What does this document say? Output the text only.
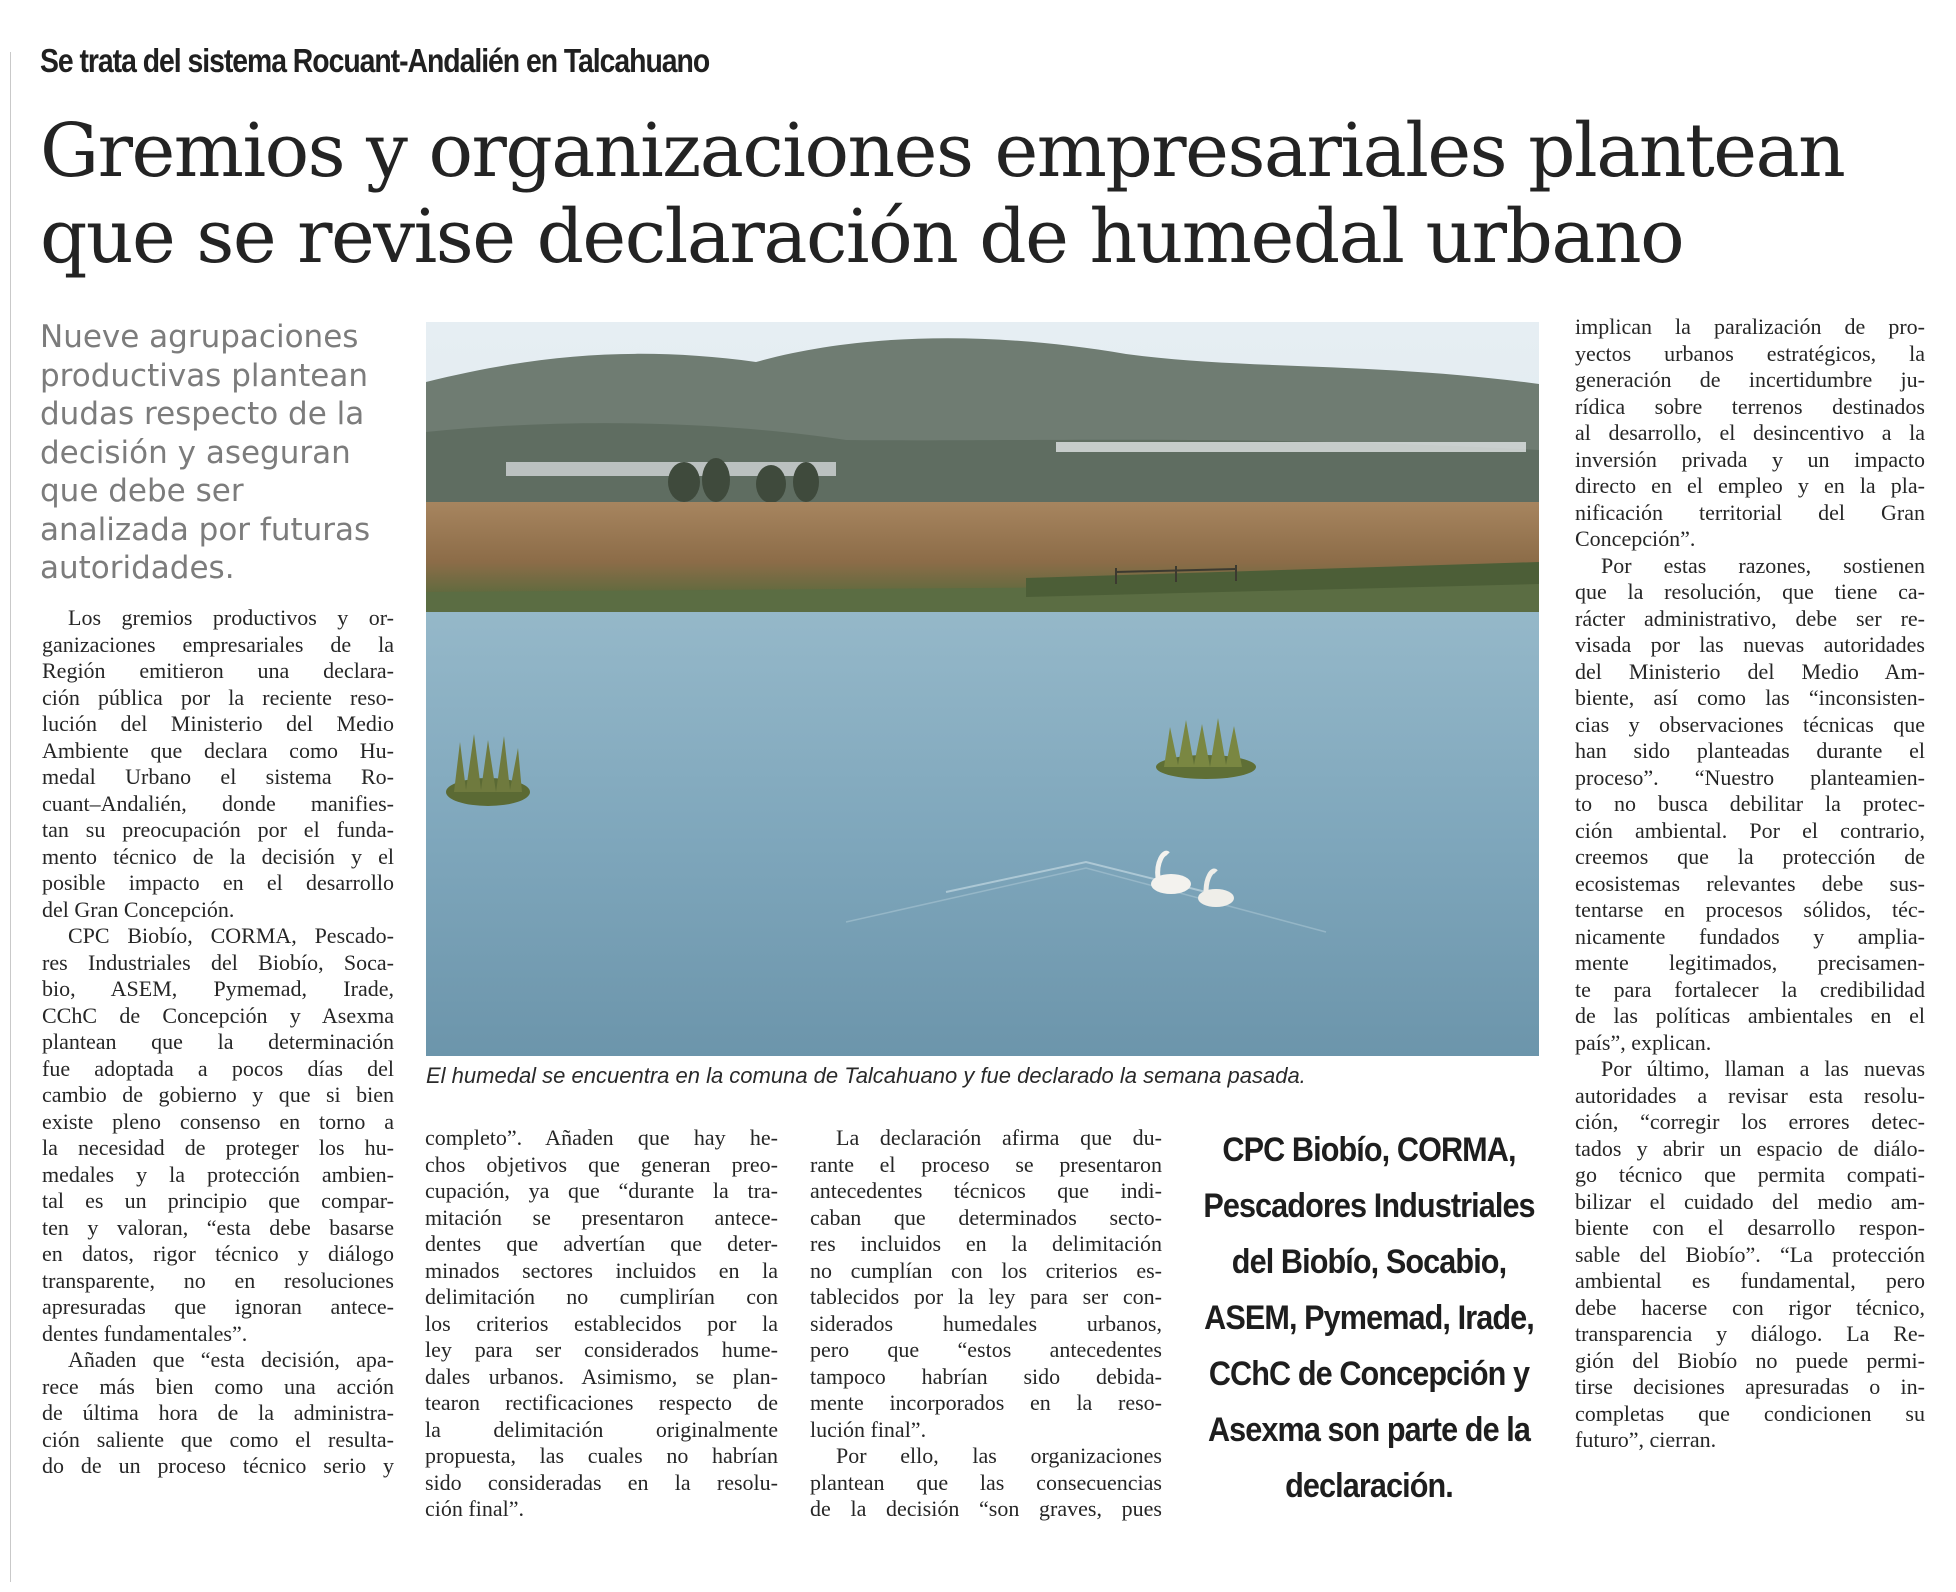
Se trata del sistema Rocuant-Andalién en Talcahuano
Gremios y organizaciones empresariales plantean
que se revise declaración de humedal urbano
Nueve agrupaciones
productivas plantean
dudas respecto de la
decisión y aseguran
que debe ser
analizada por futuras
autoridades.
Los gremios productivos y or-
ganizaciones empresariales de la
Región emitieron una declara-
ción pública por la reciente reso-
lución del Ministerio del Medio
Ambiente que declara como Hu-
medal Urbano el sistema Ro-
cuant–Andalién, donde manifies-
tan su preocupación por el funda-
mento técnico de la decisión y el
posible impacto en el desarrollo
del Gran Concepción.
CPC Biobío, CORMA, Pescado-
res Industriales del Biobío, Soca-
bio, ASEM, Pymemad, Irade,
CChC de Concepción y Asexma
plantean que la determinación
fue adoptada a pocos días del
cambio de gobierno y que si bien
existe pleno consenso en torno a
la necesidad de proteger los hu-
medales y la protección ambien-
tal es un principio que compar-
ten y valoran, “esta debe basarse
en datos, rigor técnico y diálogo
transparente, no en resoluciones
apresuradas que ignoran antece-
dentes fundamentales”.
Añaden que “esta decisión, apa-
rece más bien como una acción
de última hora de la administra-
ción saliente que como el resulta-
do de un proceso técnico serio y
El humedal se encuentra en la comuna de Talcahuano y fue declarado la semana pasada.
completo”. Añaden que hay he-
chos objetivos que generan preo-
cupación, ya que “durante la tra-
mitación se presentaron antece-
dentes que advertían que deter-
minados sectores incluidos en la
delimitación no cumplirían con
los criterios establecidos por la
ley para ser considerados hume-
dales urbanos. Asimismo, se plan-
tearon rectificaciones respecto de
la delimitación originalmente
propuesta, las cuales no habrían
sido consideradas en la resolu-
ción final”.
La declaración afirma que du-
rante el proceso se presentaron
antecedentes técnicos que indi-
caban que determinados secto-
res incluidos en la delimitación
no cumplían con los criterios es-
tablecidos por la ley para ser con-
siderados humedales urbanos,
pero que “estos antecedentes
tampoco habrían sido debida-
mente incorporados en la reso-
lución final”.
Por ello, las organizaciones
plantean que las consecuencias
de la decisión “son graves, pues
CPC Biobío, CORMA,
Pescadores Industriales
del Biobío, Socabio,
ASEM, Pymemad, Irade,
CChC de Concepción y
Asexma son parte de la
declaración.
implican la paralización de pro-
yectos urbanos estratégicos, la
generación de incertidumbre ju-
rídica sobre terrenos destinados
al desarrollo, el desincentivo a la
inversión privada y un impacto
directo en el empleo y en la pla-
nificación territorial del Gran
Concepción”.
Por estas razones, sostienen
que la resolución, que tiene ca-
rácter administrativo, debe ser re-
visada por las nuevas autoridades
del Ministerio del Medio Am-
biente, así como las “inconsisten-
cias y observaciones técnicas que
han sido planteadas durante el
proceso”. “Nuestro planteamien-
to no busca debilitar la protec-
ción ambiental. Por el contrario,
creemos que la protección de
ecosistemas relevantes debe sus-
tentarse en procesos sólidos, téc-
nicamente fundados y amplia-
mente legitimados, precisamen-
te para fortalecer la credibilidad
de las políticas ambientales en el
país”, explican.
Por último, llaman a las nuevas
autoridades a revisar esta resolu-
ción, “corregir los errores detec-
tados y abrir un espacio de diálo-
go técnico que permita compati-
bilizar el cuidado del medio am-
biente con el desarrollo respon-
sable del Biobío”. “La protección
ambiental es fundamental, pero
debe hacerse con rigor técnico,
transparencia y diálogo. La Re-
gión del Biobío no puede permi-
tirse decisiones apresuradas o in-
completas que condicionen su
futuro”, cierran.
